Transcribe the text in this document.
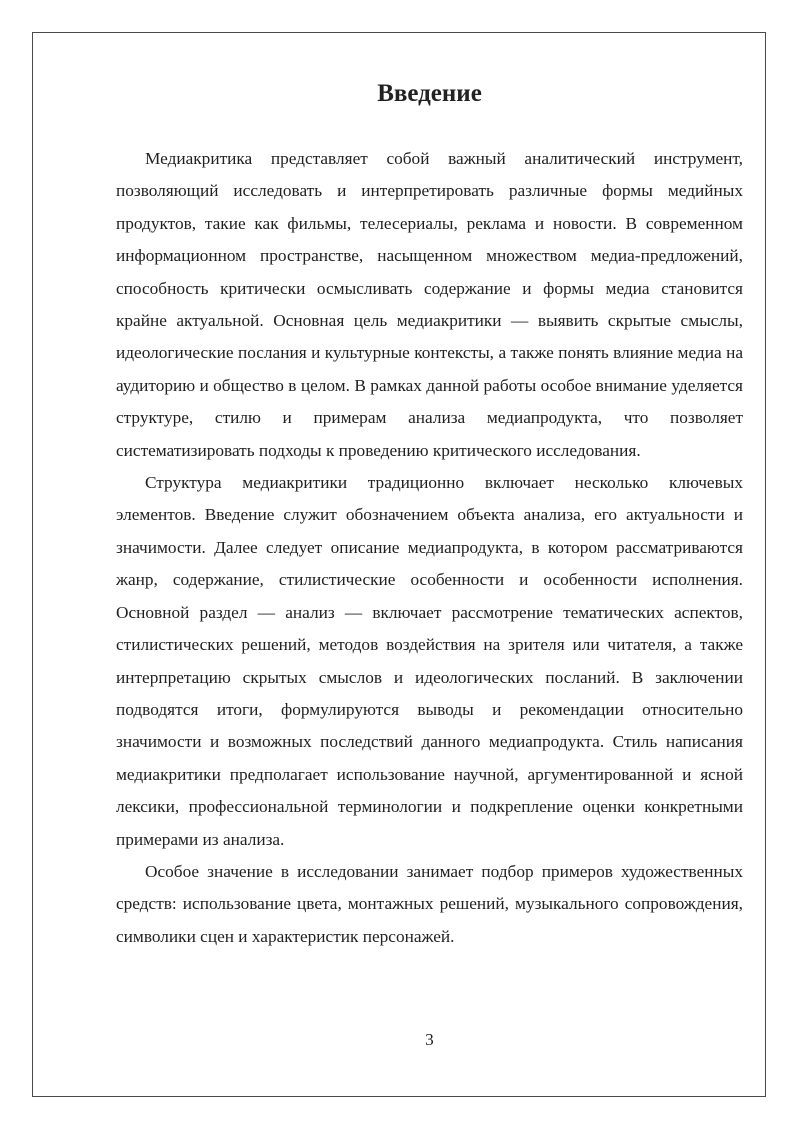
Введение

Медиакритика представляет собой важный аналитический инструмент, позволяющий исследовать и интерпретировать различные формы медийных продуктов, такие как фильмы, телесериалы, реклама и новости. В современном информационном пространстве, насыщенном множеством медиа-предложений, способность критически осмысливать содержание и формы медиа становится крайне актуальной. Основная цель медиакритики — выявить скрытые смыслы, идеологические послания и культурные контексты, а также понять влияние медиа на аудиторию и общество в целом. В рамках данной работы особое внимание уделяется структуре, стилю и примерам анализа медиапродукта, что позволяет систематизировать подходы к проведению критического исследования.

Структура медиакритики традиционно включает несколько ключевых элементов. Введение служит обозначением объекта анализа, его актуальности и значимости. Далее следует описание медиапродукта, в котором рассматриваются жанр, содержание, стилистические особенности и особенности исполнения. Основной раздел — анализ — включает рассмотрение тематических аспектов, стилистических решений, методов воздействия на зрителя или читателя, а также интерпретацию скрытых смыслов и идеологических посланий. В заключении подводятся итоги, формулируются выводы и рекомендации относительно значимости и возможных последствий данного медиапродукта. Стиль написания медиакритики предполагает использование научной, аргументированной и ясной лексики, профессиональной терминологии и подкрепление оценки конкретными примерами из анализа.

Особое значение в исследовании занимает подбор примеров художественных средств: использование цвета, монтажных решений, музыкального сопровождения, символики сцен и характеристик персонажей.

3
